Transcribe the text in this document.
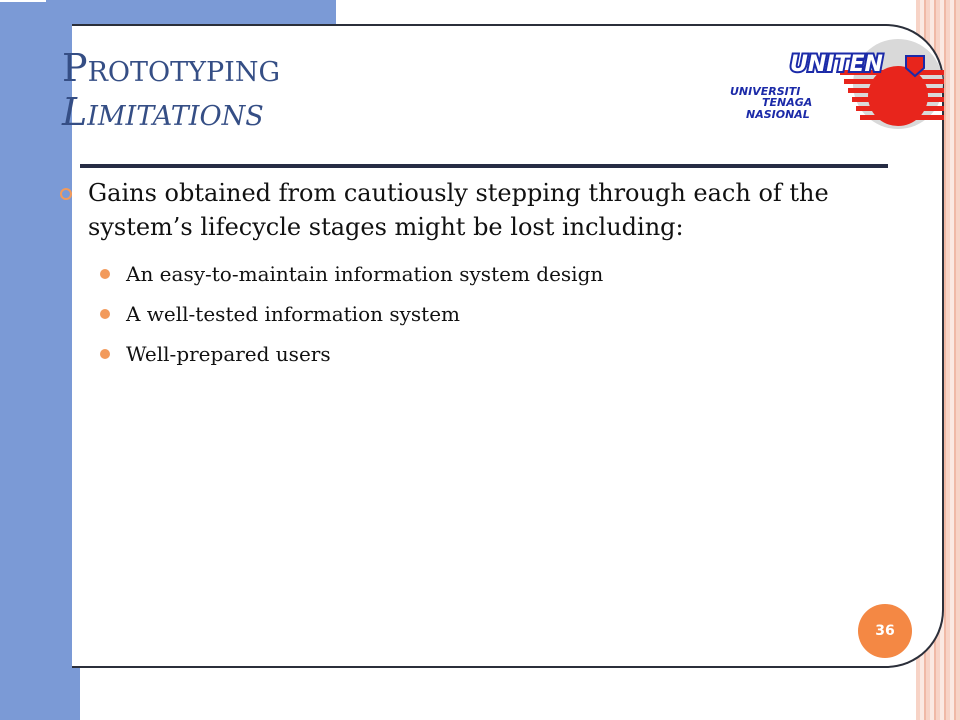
Prototyping
Limitations
UNITEN
UNIVERSITI
TENAGA
NASIONAL
Gains obtained from cautiously stepping through each of the system’s lifecycle stages might be lost including:
An easy-to-maintain information system design
A well-tested information system
Well-prepared users
36
